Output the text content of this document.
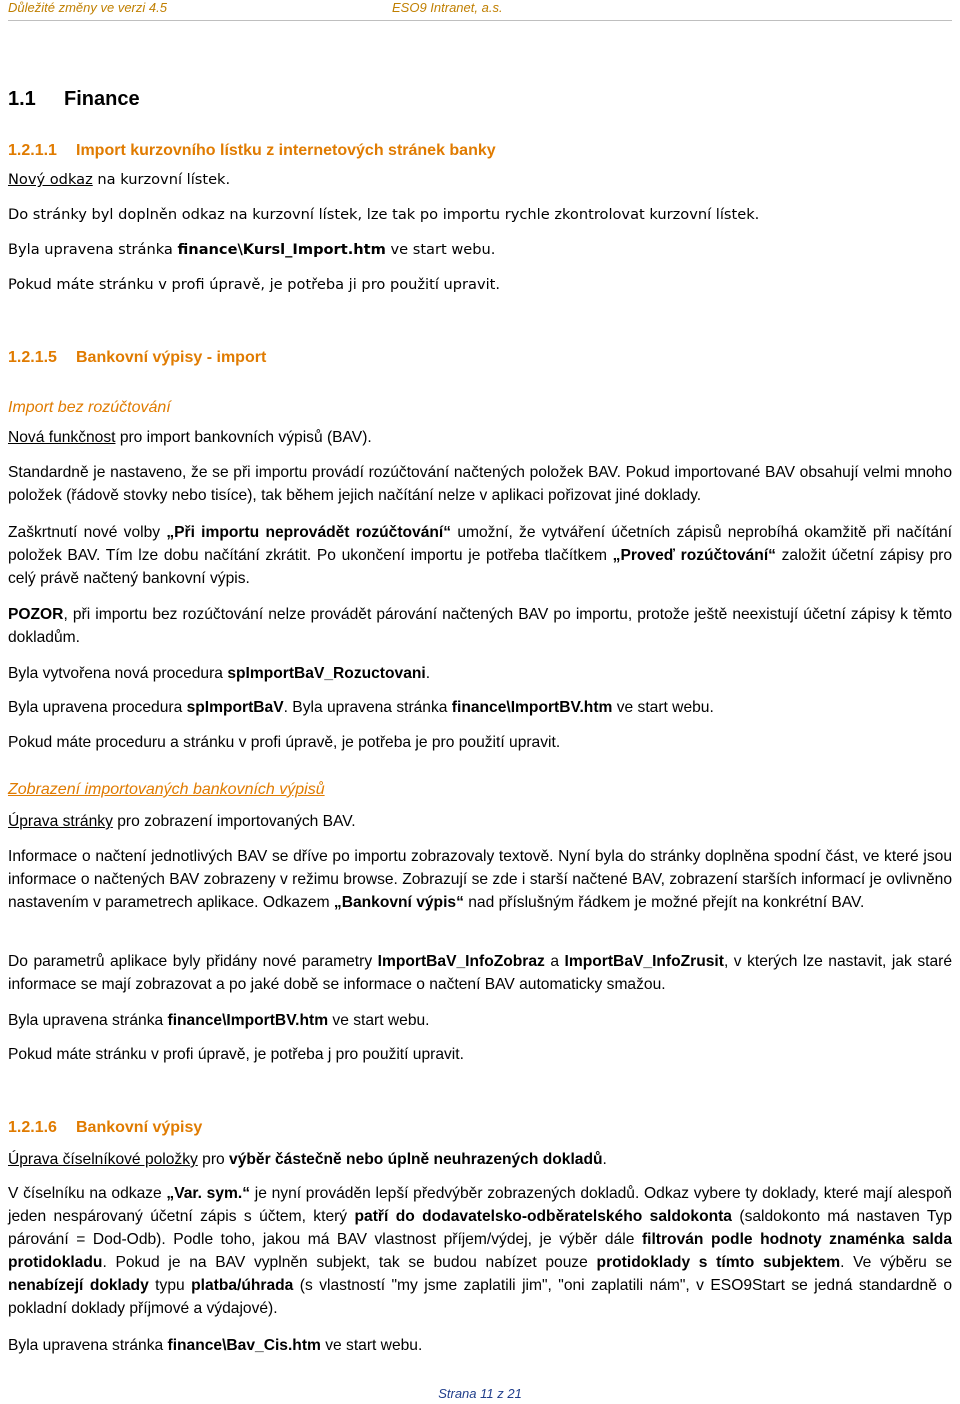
Důležité změny ve verzi 4.5	ESO9 Intranet, a.s.
1.1 Finance
1.2.1.1 Import kurzovního lístku z internetových stránek banky
Nový odkaz na kurzovní lístek.
Do stránky byl doplněn odkaz na kurzovní lístek, lze tak po importu rychle zkontrolovat kurzovní lístek.
Byla upravena stránka finance\Kursl_Import.htm ve start webu.
Pokud máte stránku v profi úpravě, je potřeba ji pro použití upravit.
1.2.1.5 Bankovní výpisy - import
Import bez rozúčtování
Nová funkčnost pro import bankovních výpisů (BAV).
Standardně je nastaveno, že se při importu provádí rozúčtování načtených položek BAV. Pokud importované BAV obsahují velmi mnoho položek (řádově stovky nebo tisíce), tak během jejich načítání nelze v aplikaci pořizovat jiné doklady.
Zaškrtnutí nové volby „Při importu neprovádět rozúčtování“ umožní, že vytváření účetních zápisů neprobíhá okamžitě při načítání položek BAV. Tím lze dobu načítání zkrátit. Po ukončení importu je potřeba tlačítkem „Proveď rozúčtování“ založit účetní zápisy pro celý právě načtený bankovní výpis.
POZOR, při importu bez rozúčtování nelze provádět párování načtených BAV po importu, protože ještě neexistují účetní zápisy k těmto dokladům.
Byla vytvořena nová procedura spImportBaV_Rozuctovani.
Byla upravena procedura spImportBaV. Byla upravena stránka finance\ImportBV.htm ve start webu.
Pokud máte proceduru a stránku v profi úpravě, je potřeba je pro použití upravit.
Zobrazení importovaných bankovních výpisů
Úprava stránky pro zobrazení importovaných BAV.
Informace o načtení jednotlivých BAV se dříve po importu zobrazovaly textově. Nyní byla do stránky doplněna spodní část, ve které jsou informace o načtených BAV zobrazeny v režimu browse. Zobrazují se zde i starší načtené BAV, zobrazení starších informací je ovlivněno nastavením v parametrech aplikace. Odkazem „Bankovní výpis“ nad příslušným řádkem je možné přejít na konkrétní BAV.
Do parametrů aplikace byly přidány nové parametry ImportBaV_InfoZobraz a ImportBaV_InfoZrusit, v kterých lze nastavit, jak staré informace se mají zobrazovat a po jaké době se informace o načtení BAV automaticky smažou.
Byla upravena stránka finance\ImportBV.htm ve start webu.
Pokud máte stránku v profi úpravě, je potřeba j pro použití upravit.
1.2.1.6 Bankovní výpisy
Úprava číselníkové položky pro výběr částečně nebo úplně neuhrazených dokladů.
V číselníku na odkaze „Var. sym.“ je nyní prováděn lepší předvýběr zobrazených dokladů. Odkaz vybere ty doklady, které mají alespoň jeden nespárovaný účetní zápis s účtem, který patří do dodavatelsko-odběratelského saldokonta (saldokonto má nastaven Typ párování = Dod-Odb). Podle toho, jakou má BAV vlastnost příjem/výdej, je výběr dále filtrován podle hodnoty znaménka salda protidokladu. Pokud je na BAV vyplněn subjekt, tak se budou nabízet pouze protidoklady s tímto subjektem. Ve výběru se nenabízejí doklady typu platba/úhrada (s vlastností "my jsme zaplatili jim", "oni zaplatili nám", v ESO9Start se jedná standardně o pokladní doklady příjmové a výdajové).
Byla upravena stránka finance\Bav_Cis.htm ve start webu.
Strana 11 z 21
